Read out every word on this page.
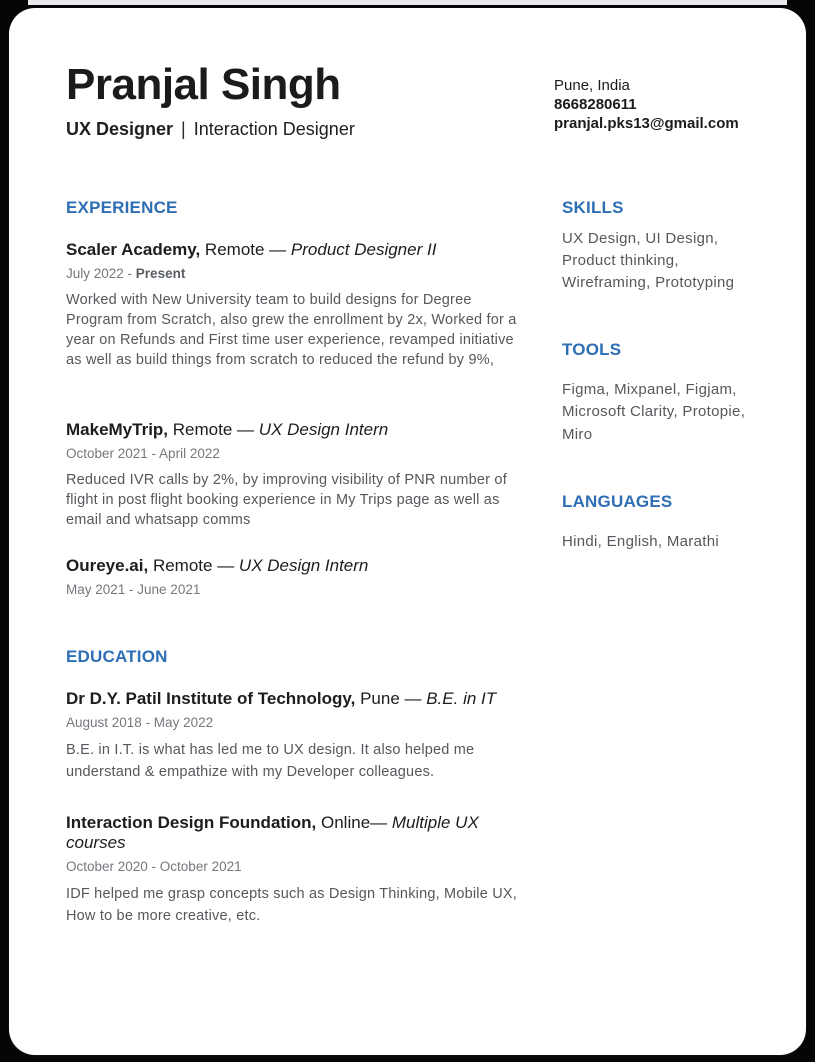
Pranjal Singh
UX Designer | Interaction Designer
Pune, India
8668280611
pranjal.pks13@gmail.com
EXPERIENCE
Scaler Academy, Remote — Product Designer II
July 2022 - Present

Worked with New University team to build designs for Degree Program from Scratch, also grew the enrollment by 2x, Worked for a year on Refunds and First time user experience, revamped initiative as well as build things from scratch to reduced the refund by 9%,

MakeMyTrip, Remote — UX Design Intern
October 2021 - April 2022

Reduced IVR calls by 2%, by improving visibility of PNR number of flight in post flight booking experience in My Trips page as well as email and whatsapp comms

Oureye.ai, Remote — UX Design Intern
May 2021 - June 2021
EDUCATION
Dr D.Y. Patil Institute of Technology, Pune — B.E. in IT
August 2018 - May 2022

B.E. in I.T. is what has led me to UX design. It also helped me understand & empathize with my Developer colleagues.

Interaction Design Foundation, Online— Multiple UX courses
October 2020 - October 2021

IDF helped me grasp concepts such as Design Thinking, Mobile UX, How to be more creative, etc.

SKILLS

UX Design, UI Design, Product thinking, Wireframing, Prototyping

TOOLS

Figma, Mixpanel, Figjam, Microsoft Clarity, Protopie, Miro

LANGUAGES

Hindi, English, Marathi
